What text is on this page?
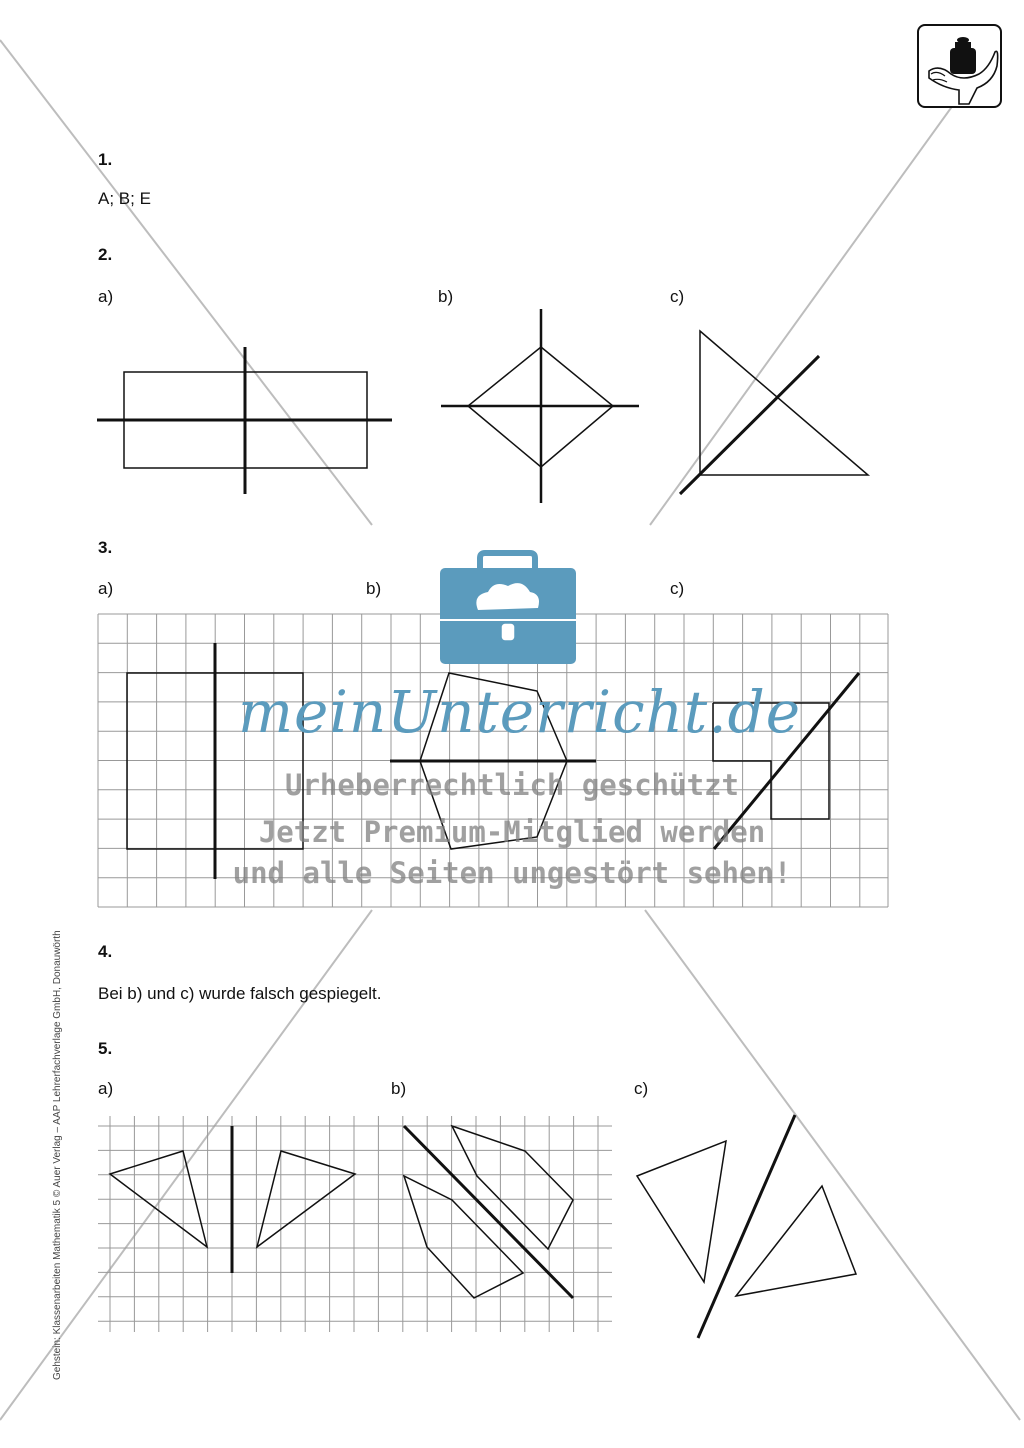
1.
A; B; E
2.
a)	b)	c)
3.
a)	b)	c)
4.
Bei b) und c) wurde falsch gespiegelt.
5.
a)	b)	c)
meinUnterricht.de
Urheberrechtlich geschützt
Jetzt Premium-Mitglied werden
und alle Seiten ungestört sehen!
Gehstein: Klassenarbeiten Mathematik 5 © Auer Verlag – AAP Lehrerfachverlage GmbH, Donauwörth
